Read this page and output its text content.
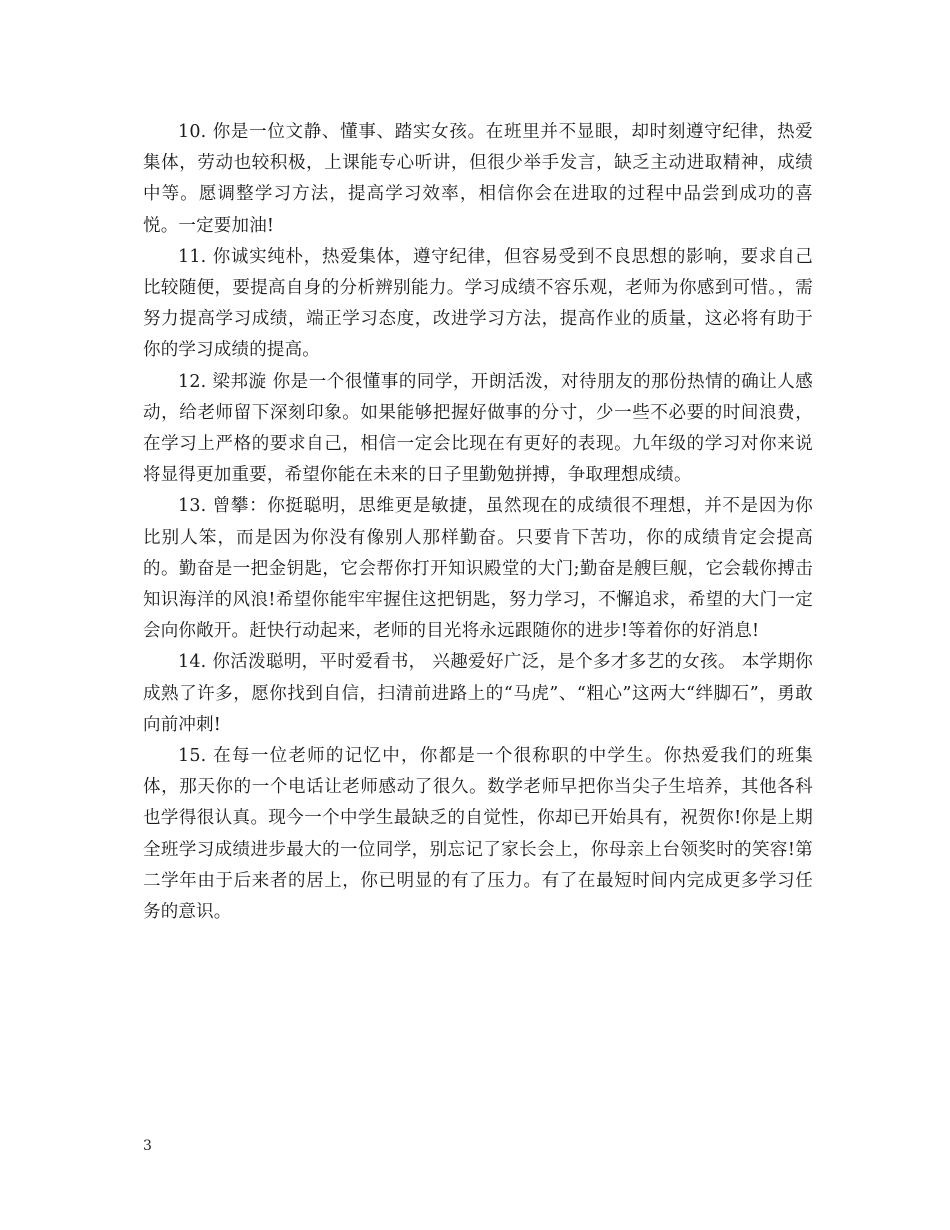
10. 你是一位文静、懂事、踏实女孩。在班里并不显眼，却时刻遵守纪律，热爱集体，劳动也较积极，上课能专心听讲，但很少举手发言，缺乏主动进取精神，成绩中等。愿调整学习方法，提高学习效率，相信你会在进取的过程中品尝到成功的喜悦。一定要加油!

11. 你诚实纯朴，热爱集体，遵守纪律，但容易受到不良思想的影响，要求自己比较随便，要提高自身的分析辨别能力。学习成绩不容乐观，老师为你感到可惜。，需努力提高学习成绩，端正学习态度，改进学习方法，提高作业的质量，这必将有助于你的学习成绩的提高。

12. 梁邦漩 你是一个很懂事的同学，开朗活泼，对待朋友的那份热情的确让人感动，给老师留下深刻印象。如果能够把握好做事的分寸，少一些不必要的时间浪费，在学习上严格的要求自己，相信一定会比现在有更好的表现。九年级的学习对你来说将显得更加重要，希望你能在未来的日子里勤勉拼搏，争取理想成绩。

13. 曾攀：你挺聪明，思维更是敏捷，虽然现在的成绩很不理想，并不是因为你比别人笨，而是因为你没有像别人那样勤奋。只要肯下苦功，你的成绩肯定会提高的。勤奋是一把金钥匙，它会帮你打开知识殿堂的大门;勤奋是艘巨舰，它会载你搏击知识海洋的风浪!希望你能牢牢握住这把钥匙，努力学习，不懈追求，希望的大门一定会向你敞开。赶快行动起来，老师的目光将永远跟随你的进步!等着你的好消息!

14. 你活泼聪明，平时爱看书， 兴趣爱好广泛，是个多才多艺的女孩。 本学期你成熟了许多，愿你找到自信，扫清前进路上的“马虎”、“粗心”这两大“绊脚石”，勇敢向前冲刺!

15. 在每一位老师的记忆中，你都是一个很称职的中学生。你热爱我们的班集体，那天你的一个电话让老师感动了很久。数学老师早把你当尖子生培养，其他各科也学得很认真。现今一个中学生最缺乏的自觉性，你却已开始具有，祝贺你!你是上期全班学习成绩进步最大的一位同学，别忘记了家长会上，你母亲上台领奖时的笑容!第二学年由于后来者的居上，你已明显的有了压力。有了在最短时间内完成更多学习任务的意识。

3
